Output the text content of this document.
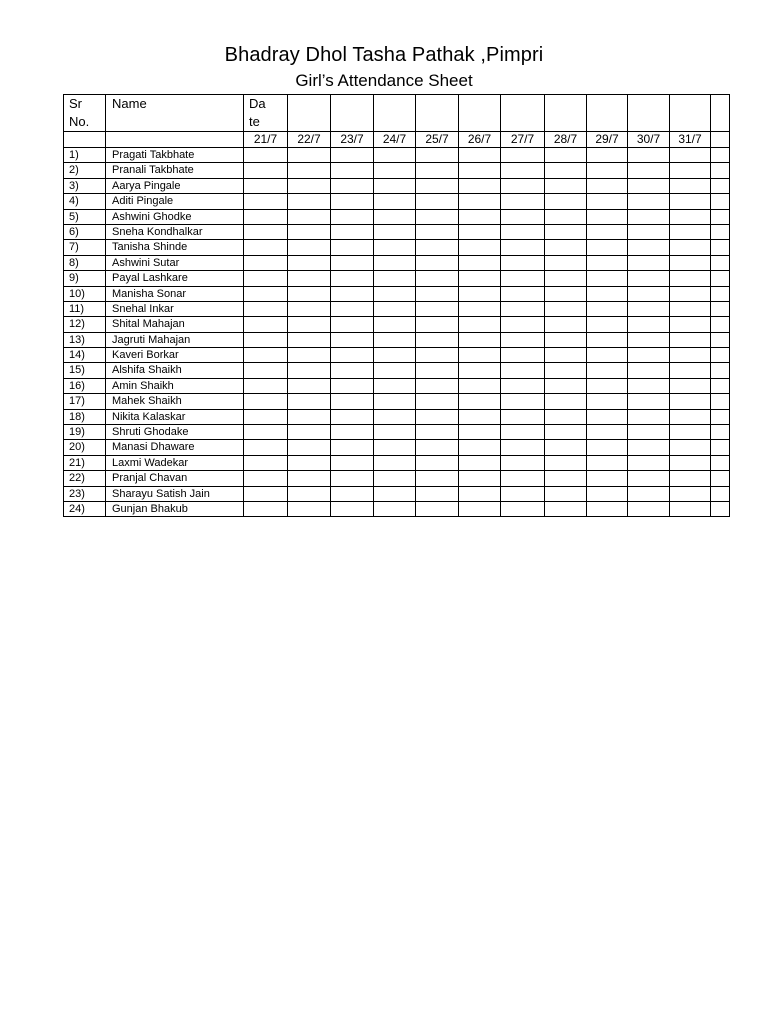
Bhadray Dhol Tasha Pathak ,Pimpri
Girl’s Attendance Sheet
Sr No.	Name	Date												
		21/7	22/7	23/7	24/7	25/7	26/7	27/7	28/7	29/7	30/7	31/7		
1)	Pragati Takbhate													
2)	Pranali Takbhate													
3)	Aarya Pingale													
4)	Aditi Pingale													
5)	Ashwini Ghodke													
6)	Sneha Kondhalkar													
7)	Tanisha Shinde													
8)	Ashwini Sutar													
9)	Payal Lashkare													
10)	Manisha Sonar													
11)	Snehal Inkar													
12)	Shital Mahajan													
13)	Jagruti Mahajan													
14)	Kaveri Borkar													
15)	Alshifa Shaikh													
16)	Amin Shaikh													
17)	Mahek Shaikh													
18)	Nikita Kalaskar													
19)	Shruti Ghodake													
20)	Manasi Dhaware													
21)	Laxmi Wadekar													
22)	Pranjal Chavan													
23)	Sharayu Satish Jain													
24)	Gunjan Bhakub													
